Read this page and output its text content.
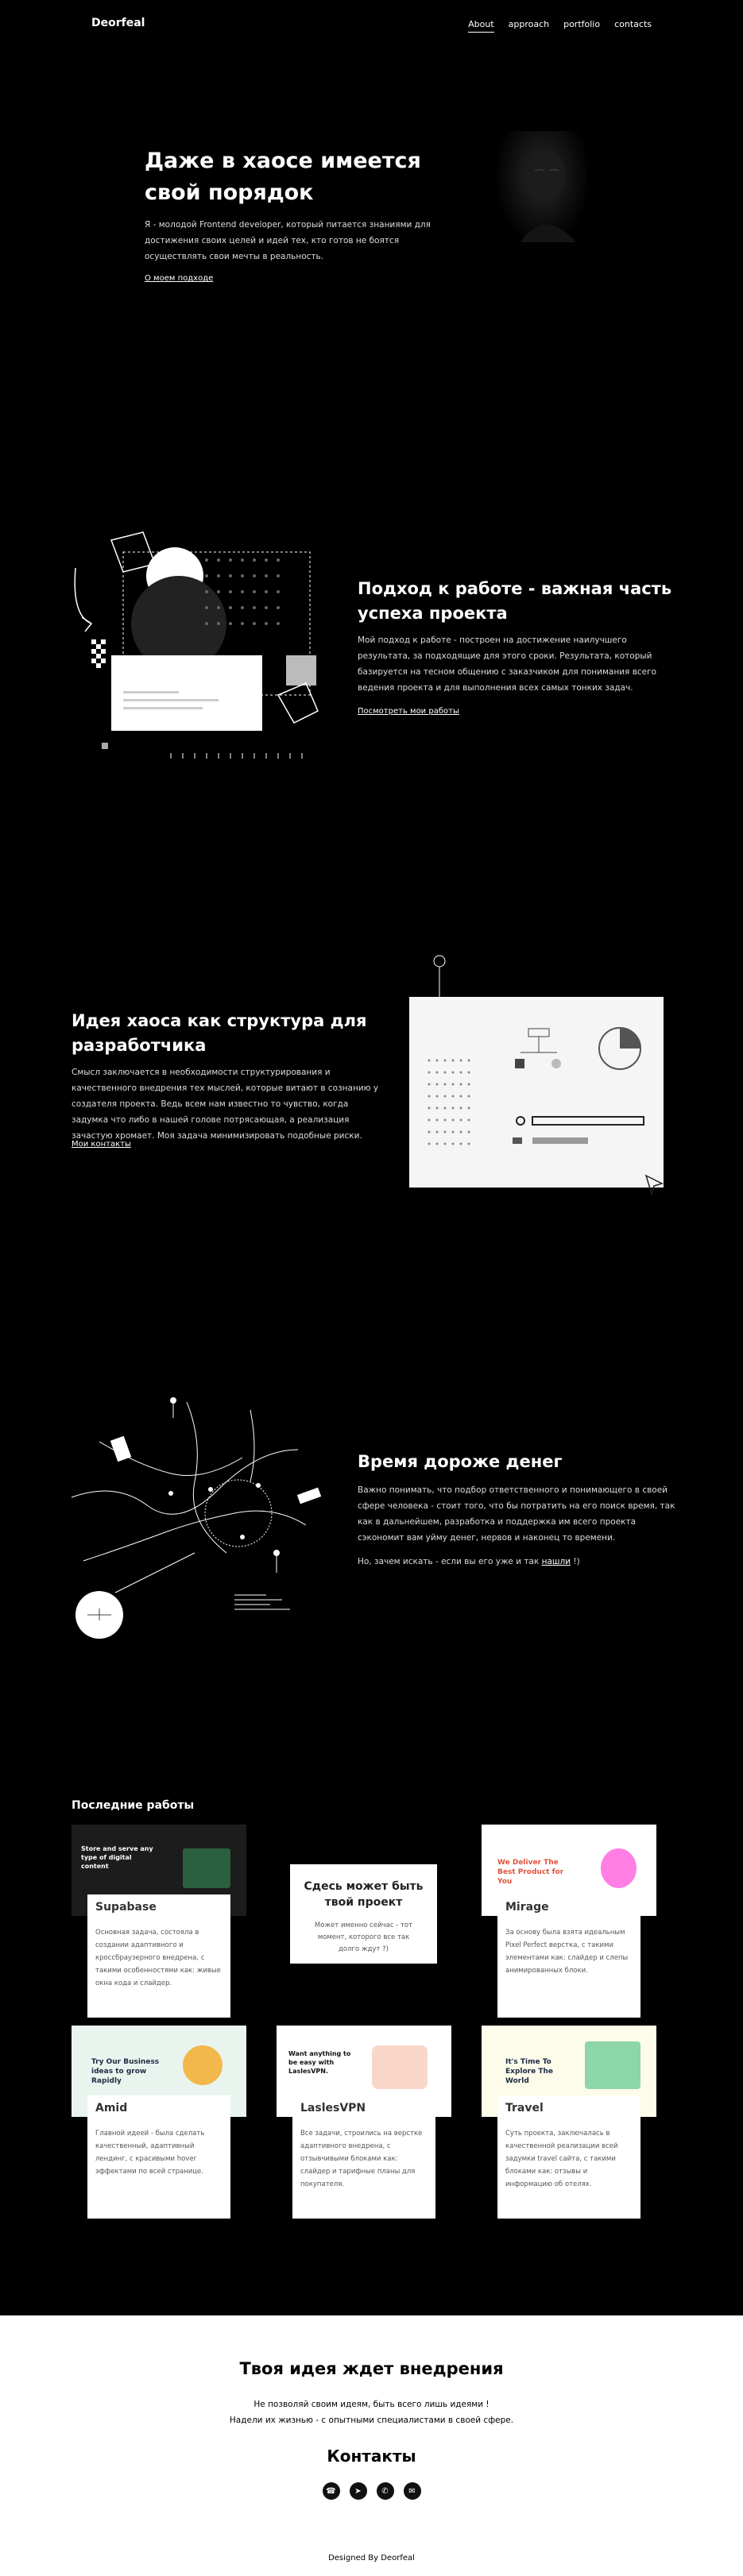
Deorfeal	About approach portfolio contacts
Даже в хаосе имеется свой порядок
Я - молодой Frontend developer, который питается знаниями для достижения своих целей и идей тех, кто готов не боятся осуществлять свои мечты в реальность.
О моем подходе
Подход к работе - важная часть успеха проекта
Мой подход к работе - построен на достижение наилучшего результата, за подходящие для этого сроки. Результата, который базируется на тесном общению с заказчиком для понимания всего ведения проекта и для выполнения всех самых тонких задач.
Посмотреть мои работы
Идея хаоса как структура для разработчика
Смысл заключается в необходимости структурирования и качественного внедрения тех мыслей, которые витают в сознанию у создателя проекта. Ведь всем нам известно то чувство, когда задумка что либо в нашей голове потрясающая, а реализация зачастую хромает. Моя задача минимизировать подобные риски.
Мои контакты
Время дороже денег
Важно понимать, что подбор ответственного и понимающего в своей сфере человека - стоит того, что бы потратить на его поиск время, так как в дальнейшем, разработка и поддержка им всего проекта сэкономит вам уйму денег, нервов и наконец то времени.
Но, зачем искать - если вы его уже и так нашли !)
Последние работы
Store and serve any type of digital content
Supabase
Основная задача, состояла в создании адаптивного и кроссбраузерного внедрена, с такими особенностями как: живые окна кода и слайдер.
Сдесь может быть твой проект
Может именно сейчас - тот момент, которого все так долго ждут ?)
We Deliver The Best Product for You
Mirage
За основу была взята идеальным Pixel Perfect верстка, с такими элементами как: слайдер и слепы анимированных блоки.
Try Our Business ideas to grow Rapidly
Amid
Главной идеей - была сделать качественный, адаптивный лендинг, с красивыми hover эффектами по всей странице.
Want anything to be easy with LaslesVPN.
LaslesVPN
Все задачи, строились на верстке адаптивного внедрена, с отзывчивыми блоками как: слайдер и тарифные планы для покупателя.
It's Time To Explore The World
Travel
Суть проекта, заключалась в качественной реализации всей задумки travel сайта, с такими блоками как: отзывы и информацию об отелях.
Твоя идея ждет внедрения
Не позволяй своим идеям, быть всего лишь идеями !
Надели их жизнью - с опытными специалистами в своей сфере.
Контакты
☎	➤	✆	✉
Designed By Deorfeal
